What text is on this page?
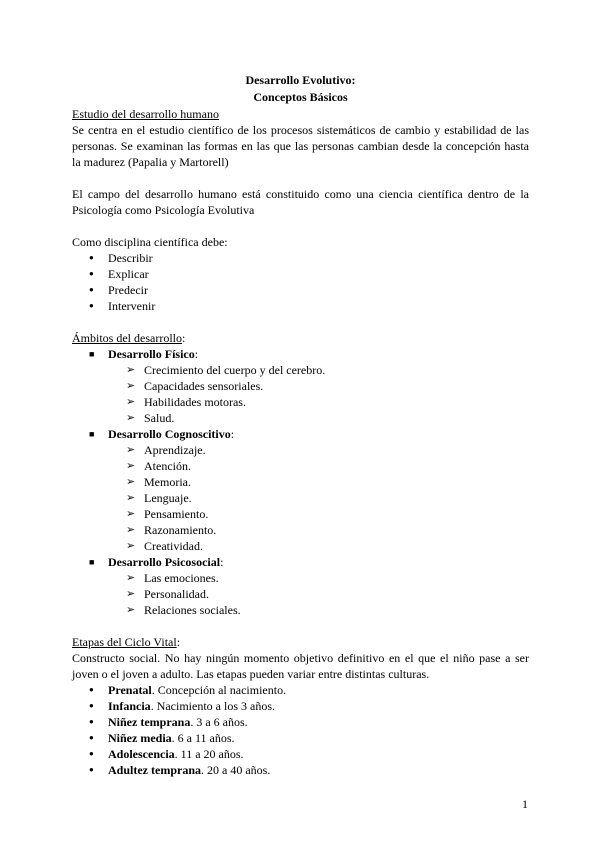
Desarrollo Evolutivo:
Conceptos Básicos

Estudio del desarrollo humano

Se centra en el estudio científico de los procesos sistemáticos de cambio y estabilidad de las personas. Se examinan las formas en las que las personas cambian desde la concepción hasta la madurez (Papalia y Martorell)

El campo del desarrollo humano está constituido como una ciencia científica dentro de la Psicología como Psicología Evolutiva

Como disciplina científica debe:

● Describir
● Explicar
● Predecir
● Intervenir

Ámbitos del desarrollo:

Desarrollo Físico:
➢ Crecimiento del cuerpo y del cerebro.
➢ Capacidades sensoriales.
➢ Habilidades motoras.
➢ Salud.
Desarrollo Cognoscitivo:
➢ Aprendizaje.
➢ Atención.
➢ Memoria.
➢ Lenguaje.
➢ Pensamiento.
➢ Razonamiento.
➢ Creatividad.
Desarrollo Psicosocial:
➢ Las emociones.
➢ Personalidad.
➢ Relaciones sociales.

Etapas del Ciclo Vital:

Constructo social. No hay ningún momento objetivo definitivo en el que el niño pase a ser joven o el joven a adulto. Las etapas pueden variar entre distintas culturas.

● Prenatal. Concepción al nacimiento.
● Infancia. Nacimiento a los 3 años.
● Niñez temprana. 3 a 6 años.
● Niñez media. 6 a 11 años.
● Adolescencia. 11 a 20 años.
● Adultez temprana. 20 a 40 años.
1
